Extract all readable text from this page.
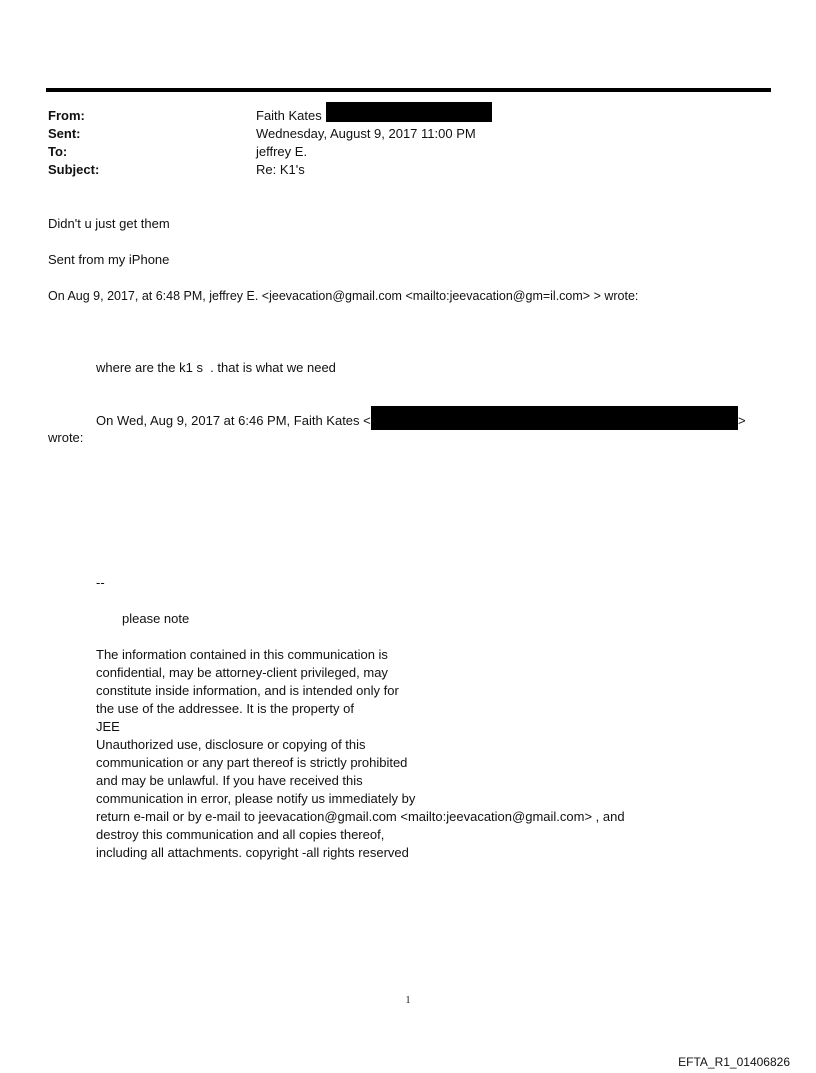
From:	Faith Kates
Sent:	Wednesday, August 9, 2017 11:00 PM
To:	jeffrey E.
Subject:	Re: K1's
Didn't u just get them
Sent from my iPhone
On Aug 9, 2017, at 6:48 PM, jeffrey E. <jeevacation@gmail.com <mailto:jeevacation@gm=il.com> > wrote:
where are the k1 s  . that is what we need
On Wed, Aug 9, 2017 at 6:46 PM, Faith Kates <	>
wrote:
--
please note
The information contained in this communication is
confidential, may be attorney-client privileged, may
constitute inside information, and is intended only for
the use of the addressee. It is the property of
JEE
Unauthorized use, disclosure or copying of this
communication or any part thereof is strictly prohibited
and may be unlawful. If you have received this
communication in error, please notify us immediately by
return e-mail or by e-mail to jeevacation@gmail.com <mailto:jeevacation@gmail.com> , and
destroy this communication and all copies thereof,
including all attachments. copyright -all rights reserved
1
EFTA_R1_01406826
